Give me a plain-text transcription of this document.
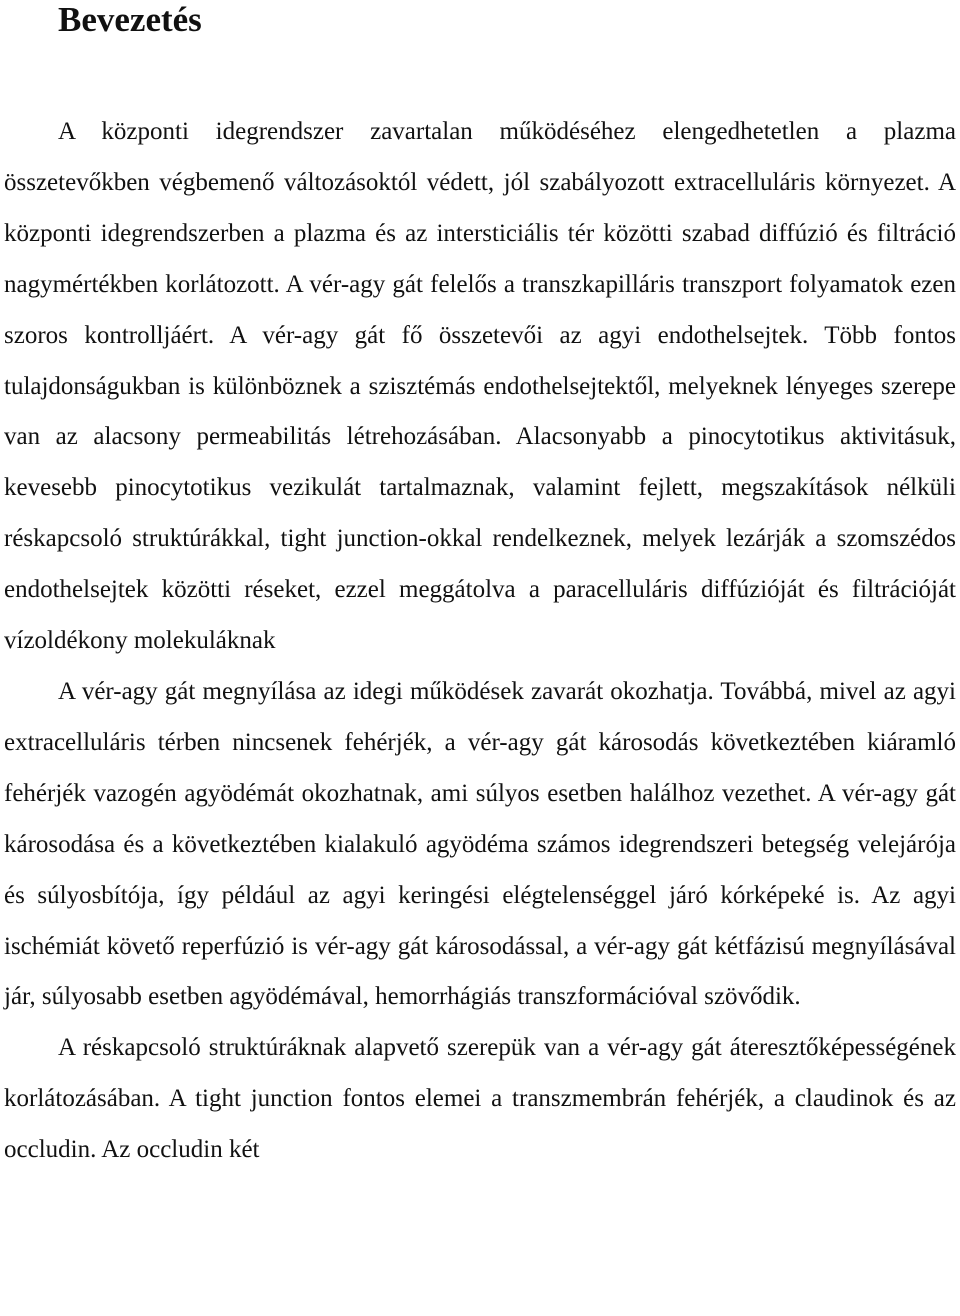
Bevezetés

A központi idegrendszer zavartalan működéséhez elengedhetetlen a plazma összetevőkben végbemenő változásoktól védett, jól szabályozott extracelluláris környezet. A központi idegrendszerben a plazma és az intersticiális tér közötti szabad diffúzió és filtráció nagymértékben korlátozott. A vér-agy gát felelős a transzkapilláris transzport folyamatok ezen szoros kontrolljáért. A vér-agy gát fő összetevői az agyi endothelsejtek. Több fontos tulajdonságukban is különböznek a szisztémás endothelsejtektől, melyeknek lényeges szerepe van az alacsony permeabilitás létrehozásában. Alacsonyabb a pinocytotikus aktivitásuk, kevesebb pinocytotikus vezikulát tartalmaznak, valamint fejlett, megszakítások nélküli réskapcsoló struktúrákkal, tight junction-okkal rendelkeznek, melyek lezárják a szomszédos endothelsejtek közötti réseket, ezzel meggátolva a paracelluláris diffúzióját és filtrációját vízoldékony molekuláknak

A vér-agy gát megnyílása az idegi működések zavarát okozhatja. Továbbá, mivel az agyi extracelluláris térben nincsenek fehérjék, a vér-agy gát károsodás következtében kiáramló fehérjék vazogén agyödémát okozhatnak, ami súlyos esetben halálhoz vezethet. A vér-agy gát károsodása és a következtében kialakuló agyödéma számos idegrendszeri betegség velejárója és súlyosbítója, így például az agyi keringési elégtelenséggel járó kórképeké is. Az agyi ischémiát követő reperfúzió is vér-agy gát károsodással, a vér-agy gát kétfázisú megnyílásával jár, súlyosabb esetben agyödémával, hemorrhágiás transzformációval szövődik.

A réskapcsoló struktúráknak alapvető szerepük van a vér-agy gát áteresztőképességének korlátozásában. A tight junction fontos elemei a transzmembrán fehérjék, a claudinok és az occludin. Az occludin két
